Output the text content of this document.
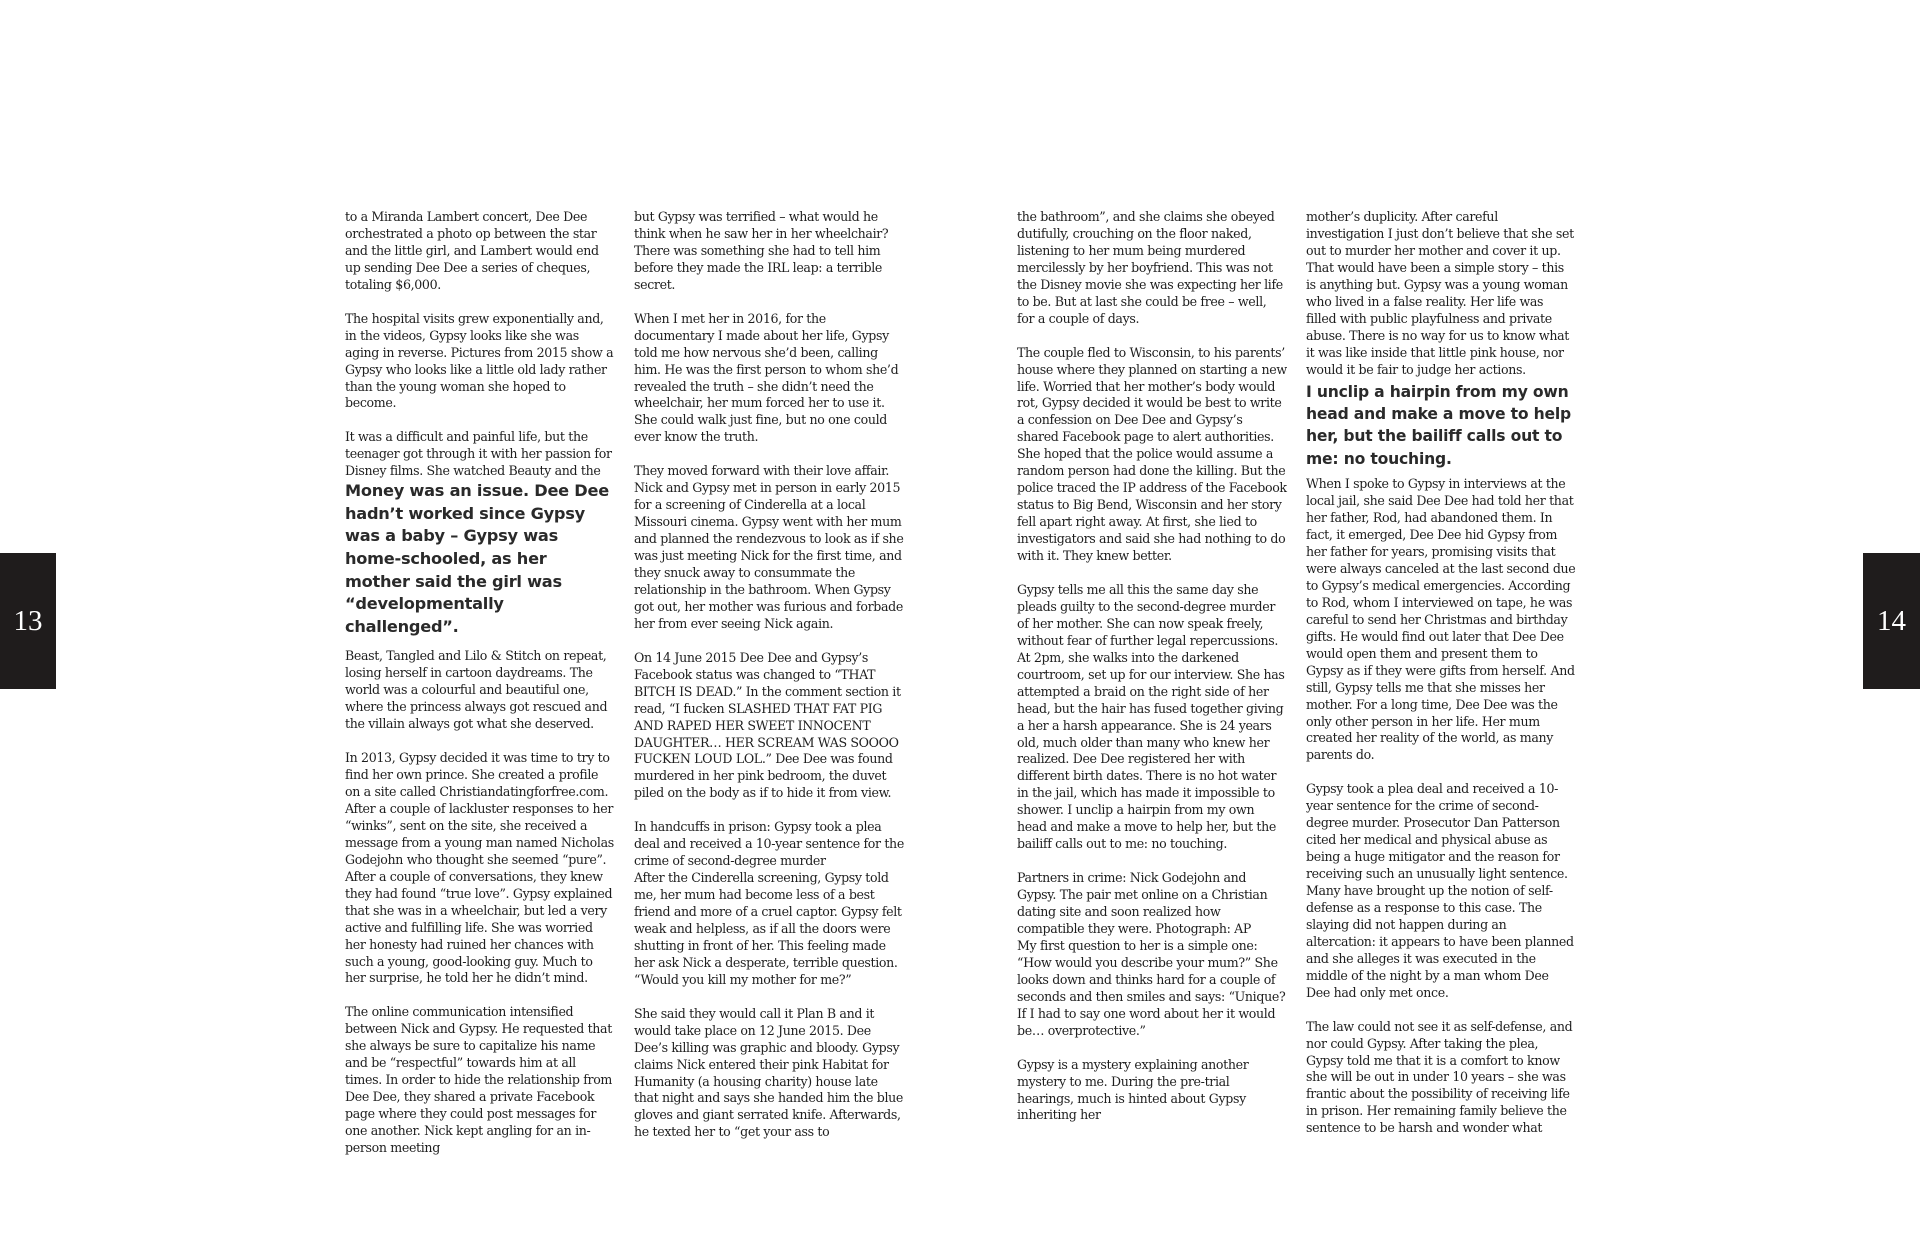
13	14

to a Miranda Lambert concert, Dee Dee orchestrated a photo op between the star and the little girl, and Lambert would end up sending Dee Dee a series of cheques, totaling $6,000.

The hospital visits grew exponentially and, in the videos, Gypsy looks like she was aging in reverse. Pictures from 2015 show a Gypsy who looks like a little old lady rather than the young woman she hoped to become.

It was a difficult and painful life, but the teenager got through it with her passion for Disney films. She watched Beauty and the

Money was an issue. Dee Dee hadn’t worked since Gypsy was a baby – Gypsy was home-schooled, as her mother said the girl was “developmentally challenged”.

Beast, Tangled and Lilo & Stitch on repeat, losing herself in cartoon daydreams. The world was a colourful and beautiful one, where the princess always got rescued and the villain always got what she deserved.

In 2013, Gypsy decided it was time to try to find her own prince. She created a profile on a site called Christiandatingforfree.com. After a couple of lackluster responses to her “winks”, sent on the site, she received a message from a young man named Nicholas Godejohn who thought she seemed “pure”. After a couple of conversations, they knew they had found “true love”. Gypsy explained that she was in a wheelchair, but led a very active and fulfilling life. She was worried her honesty had ruined her chances with such a young, good-looking guy. Much to her surprise, he told her he didn’t mind.

The online communication intensified between Nick and Gypsy. He requested that she always be sure to capitalize his name and be “respectful” towards him at all times. In order to hide the relationship from Dee Dee, they shared a private Facebook page where they could post messages for one another. Nick kept angling for an in-person meeting

but Gypsy was terrified – what would he think when he saw her in her wheelchair? There was something she had to tell him before they made the IRL leap: a terrible secret.

When I met her in 2016, for the documentary I made about her life, Gypsy told me how nervous she’d been, calling him. He was the first person to whom she’d revealed the truth – she didn’t need the wheelchair, her mum forced her to use it. She could walk just fine, but no one could ever know the truth.

They moved forward with their love affair. Nick and Gypsy met in person in early 2015 for a screening of Cinderella at a local Missouri cinema. Gypsy went with her mum and planned the rendezvous to look as if she was just meeting Nick for the first time, and they snuck away to consummate the relationship in the bathroom. When Gypsy got out, her mother was furious and forbade her from ever seeing Nick again.

On 14 June 2015 Dee Dee and Gypsy’s Facebook status was changed to “THAT BITCH IS DEAD.” In the comment section it read, “I fucken SLASHED THAT FAT PIG AND RAPED HER SWEET INNOCENT DAUGHTER… HER SCREAM WAS SOOOO FUCKEN LOUD LOL.” Dee Dee was found murdered in her pink bedroom, the duvet piled on the body as if to hide it from view.

In handcuffs in prison: Gypsy took a plea deal and received a 10-year sentence for the crime of second-degree murder
After the Cinderella screening, Gypsy told me, her mum had become less of a best friend and more of a cruel captor. Gypsy felt weak and helpless, as if all the doors were shutting in front of her. This feeling made her ask Nick a desperate, terrible question. “Would you kill my mother for me?”

She said they would call it Plan B and it would take place on 12 June 2015. Dee Dee’s killing was graphic and bloody. Gypsy claims Nick entered their pink Habitat for Humanity (a housing charity) house late that night and says she handed him the blue gloves and giant serrated knife. Afterwards, he texted her to “get your ass to

the bathroom”, and she claims she obeyed dutifully, crouching on the floor naked, listening to her mum being murdered mercilessly by her boyfriend. This was not the Disney movie she was expecting her life to be. But at last she could be free – well, for a couple of days.

The couple fled to Wisconsin, to his parents’ house where they planned on starting a new life. Worried that her mother’s body would rot, Gypsy decided it would be best to write a confession on Dee Dee and Gypsy’s shared Facebook page to alert authorities. She hoped that the police would assume a random person had done the killing. But the police traced the IP address of the Facebook status to Big Bend, Wisconsin and her story fell apart right away. At first, she lied to investigators and said she had nothing to do with it. They knew better.

Gypsy tells me all this the same day she pleads guilty to the second-degree murder of her mother. She can now speak freely, without fear of further legal repercussions. At 2pm, she walks into the darkened courtroom, set up for our interview. She has attempted a braid on the right side of her head, but the hair has fused together giving a her a harsh appearance. She is 24 years old, much older than many who knew her realized. Dee Dee registered her with different birth dates. There is no hot water in the jail, which has made it impossible to shower. I unclip a hairpin from my own head and make a move to help her, but the bailiff calls out to me: no touching.

Partners in crime: Nick Godejohn and Gypsy. The pair met online on a Christian dating site and soon realized how compatible they were. Photograph: AP
My first question to her is a simple one: “How would you describe your mum?” She looks down and thinks hard for a couple of seconds and then smiles and says: “Unique? If I had to say one word about her it would be… overprotective.”

Gypsy is a mystery explaining another mystery to me. During the pre-trial hearings, much is hinted about Gypsy inheriting her

mother’s duplicity. After careful investigation I just don’t believe that she set out to murder her mother and cover it up. That would have been a simple story – this is anything but. Gypsy was a young woman who lived in a false reality. Her life was filled with public playfulness and private abuse. There is no way for us to know what it was like inside that little pink house, nor would it be fair to judge her actions.

I unclip a hairpin from my own head and make a move to help her, but the bailiff calls out to me: no touching.

When I spoke to Gypsy in interviews at the local jail, she said Dee Dee had told her that her father, Rod, had abandoned them. In fact, it emerged, Dee Dee hid Gypsy from her father for years, promising visits that were always canceled at the last second due to Gypsy’s medical emergencies. According to Rod, whom I interviewed on tape, he was careful to send her Christmas and birthday gifts. He would find out later that Dee Dee would open them and present them to Gypsy as if they were gifts from herself. And still, Gypsy tells me that she misses her mother. For a long time, Dee Dee was the only other person in her life. Her mum created her reality of the world, as many parents do.

Gypsy took a plea deal and received a 10-year sentence for the crime of second-degree murder. Prosecutor Dan Patterson cited her medical and physical abuse as being a huge mitigator and the reason for receiving such an unusually light sentence. Many have brought up the notion of self-defense as a response to this case. The slaying did not happen during an altercation: it appears to have been planned and she alleges it was executed in the middle of the night by a man whom Dee Dee had only met once.

The law could not see it as self-defense, and nor could Gypsy. After taking the plea, Gypsy told me that it is a comfort to know she will be out in under 10 years – she was frantic about the possibility of receiving life in prison. Her remaining family believe the sentence to be harsh and wonder what
